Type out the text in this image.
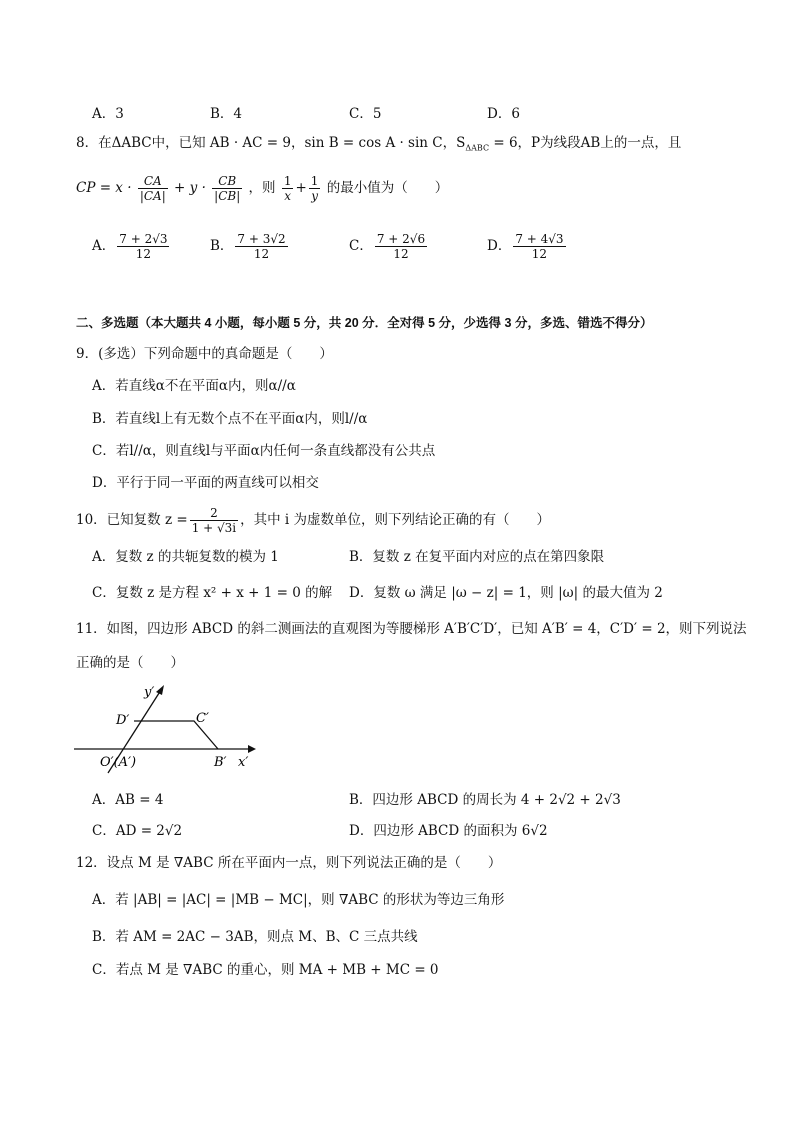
A．3	B．4	C．5	D．6
8．在ΔABC中，已知 AB · AC = 9，sin B = cos A · sin C，$S_{\Delta ABC} = 6$，P为线段AB上的一点，且
CP = $x \cdot \frac{CA}{|CA|} + y \cdot \frac{CB}{|CB|}$ ，则 $\frac{1}{x} + \frac{1}{y}$ 的最小值为（　　）
A． $\frac{7 + 2√3}{12}$	B． $\frac{7 + 3√2}{12}$	C． $\frac{7 + 2√6}{12}$	D． $\frac{7 + 4√3}{12}$
二、多选题（本大题共 4 小题，每小题 5 分，共 20 分．全对得 5 分，少选得 3 分，多选、错选不得分）
9．(多选）下列命题中的真命题是（　　）
A．若直线α不在平面α内，则α//α
B．若直线l上有无数个点不在平面α内，则l//α
C．若l//α，则直线l与平面α内任何一条直线都没有公共点
D．平行于同一平面的两直线可以相交
10．已知复数 $z = \frac{2}{1 + √3i}$ ，其中 i 为虚数单位，则下列结论正确的有（　　）
A．复数 z 的共轭复数的模为 1	B．复数 z 在复平面内对应的点在第四象限
C．复数 z 是方程 x² + x + 1 = 0 的解 D．复数 ω 满足 |ω − z| = 1，则 |ω| 的最大值为 2
11．如图，四边形 ABCD 的斜二测画法的直观图为等腰梯形 A′B′C′D′，已知 A′B′ = 4，C′D′ = 2，则下列说法
正确的是（　　）
y′
x′
D′	C′
O′(A′)	B′
A．AB = 4	B．四边形 ABCD 的周长为 4 + 2√2 + 2√3
C．AD = 2√2	D．四边形 ABCD 的面积为 6√2
12．设点 M 是 ∇ABC 所在平面内一点，则下列说法正确的是（　　）
A．若 |AB| = |AC| = |MB − MC|，则 ∇ABC 的形状为等边三角形
B．若 AM = 2AC − 3AB，则点 M、B、C 三点共线
C．若点 M 是 ∇ABC 的重心，则 MA + MB + MC = 0
